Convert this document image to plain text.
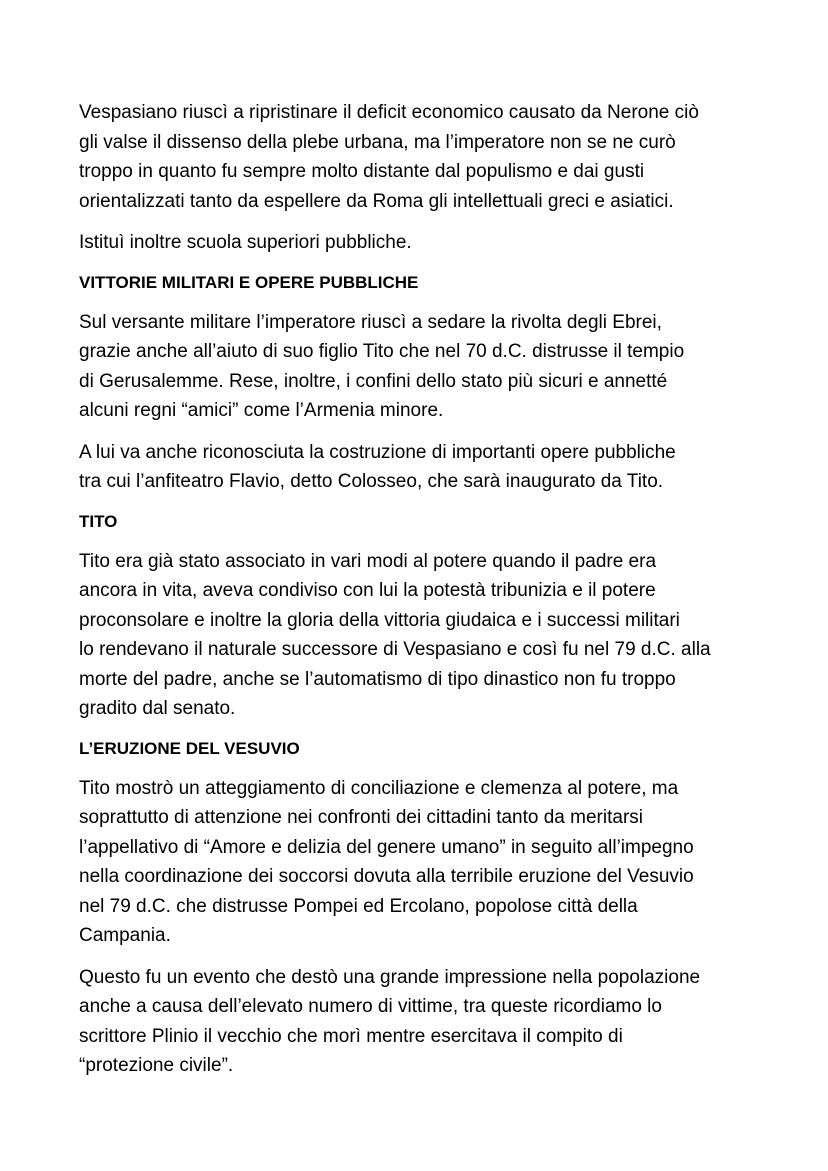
Vespasiano riuscì a ripristinare il deficit economico causato da Nerone ciò
gli valse il dissenso della plebe urbana, ma l’imperatore non se ne curò
troppo in quanto fu sempre molto distante dal populismo e dai gusti
orientalizzati tanto da espellere da Roma gli intellettuali greci e asiatici.

Istituì inoltre scuola superiori pubbliche.

VITTORIE MILITARI E OPERE PUBBLICHE

Sul versante militare l’imperatore riuscì a sedare la rivolta degli Ebrei,
grazie anche all’aiuto di suo figlio Tito che nel 70 d.C. distrusse il tempio
di Gerusalemme. Rese, inoltre, i confini dello stato più sicuri e annetté
alcuni regni “amici” come l’Armenia minore.

A lui va anche riconosciuta la costruzione di importanti opere pubbliche
tra cui l’anfiteatro Flavio, detto Colosseo, che sarà inaugurato da Tito.

TITO

Tito era già stato associato in vari modi al potere quando il padre era
ancora in vita, aveva condiviso con lui la potestà tribunizia e il potere
proconsolare e inoltre la gloria della vittoria giudaica e i successi militari
lo rendevano il naturale successore di Vespasiano e così fu nel 79 d.C. alla
morte del padre, anche se l’automatismo di tipo dinastico non fu troppo
gradito dal senato.

L’ERUZIONE DEL VESUVIO

Tito mostrò un atteggiamento di conciliazione e clemenza al potere, ma
soprattutto di attenzione nei confronti dei cittadini tanto da meritarsi
l’appellativo di “Amore e delizia del genere umano” in seguito all’impegno
nella coordinazione dei soccorsi dovuta alla terribile eruzione del Vesuvio
nel 79 d.C. che distrusse Pompei ed Ercolano, popolose città della
Campania.

Questo fu un evento che destò una grande impressione nella popolazione
anche a causa dell’elevato numero di vittime, tra queste ricordiamo lo
scrittore Plinio il vecchio che morì mentre esercitava il compito di
“protezione civile”.
